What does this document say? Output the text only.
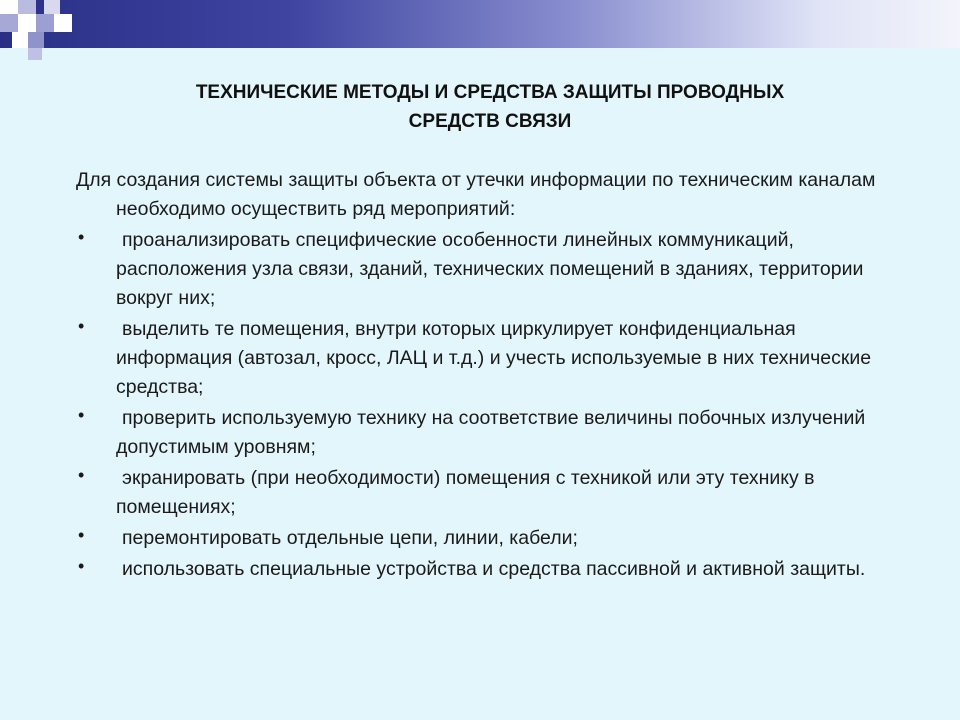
ТЕХНИЧЕСКИЕ МЕТОДЫ И СРЕДСТВА ЗАЩИТЫ ПРОВОДНЫХ
СРЕДСТВ СВЯЗИ

Для создания системы защиты объекта от утечки информации по техническим каналам необходимо осуществить ряд мероприятий:

• проанализировать специфические особенности линейных коммуникаций, расположения узла связи, зданий, технических помещений в зданиях, территории вокруг них;
• выделить те помещения, внутри которых циркулирует конфиденциальная информация (автозал, кросс, ЛАЦ и т.д.) и учесть используемые в них технические средства;
• проверить используемую технику на соответствие величины побочных излучений допустимым уровням;
• экранировать (при необходимости) помещения с техникой или эту технику в помещениях;
• перемонтировать отдельные цепи, линии, кабели;
• использовать специальные устройства и средства пассивной и активной защиты.
